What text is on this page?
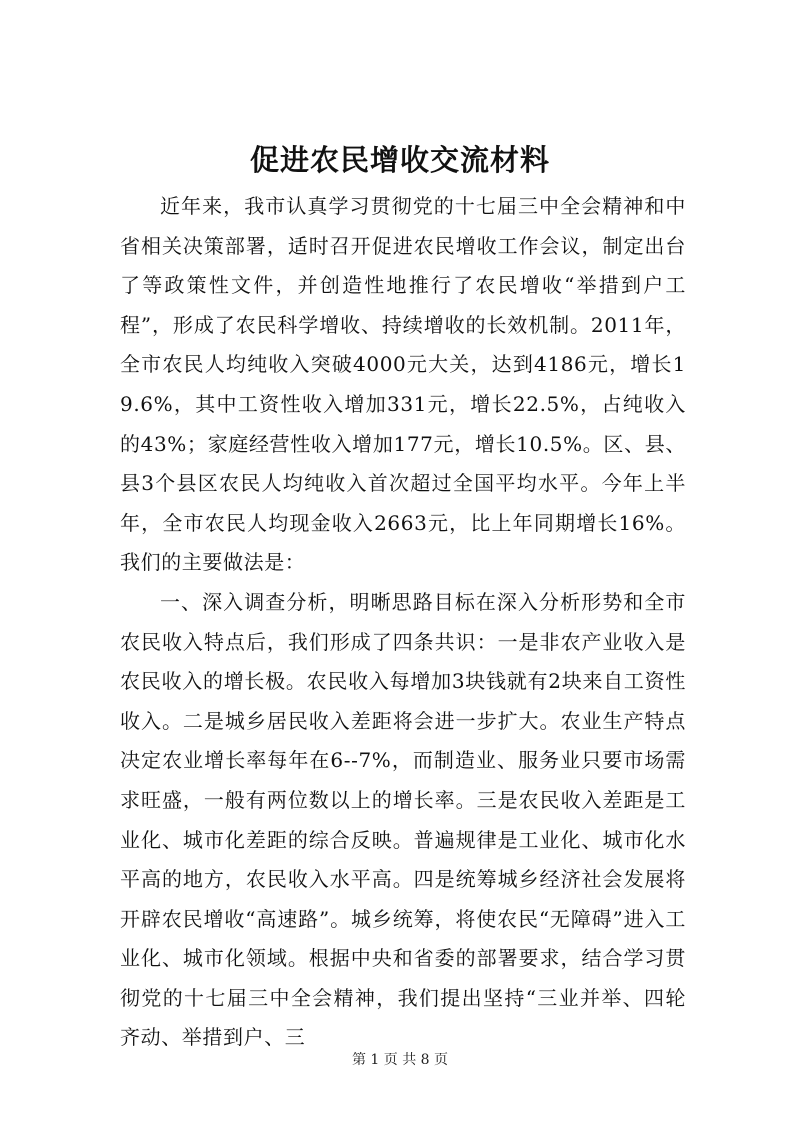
促进农民增收交流材料

近年来，我市认真学习贯彻党的十七届三中全会精神和中省相关决策部署，适时召开促进农民增收工作会议，制定出台了等政策性文件，并创造性地推行了农民增收“举措到户工程”，形成了农民科学增收、持续增收的长效机制。2011年，全市农民人均纯收入突破4000元大关，达到4186元，增长19.6%，其中工资性收入增加331元，增长22.5%，占纯收入的43%；家庭经营性收入增加177元，增长10.5%。区、县、县3个县区农民人均纯收入首次超过全国平均水平。今年上半年，全市农民人均现金收入2663元，比上年同期增长16%。我们的主要做法是：

一、深入调查分析，明晰思路目标在深入分析形势和全市农民收入特点后，我们形成了四条共识：一是非农产业收入是农民收入的增长极。农民收入每增加3块钱就有2块来自工资性收入。二是城乡居民收入差距将会进一步扩大。农业生产特点决定农业增长率每年在6--7%，而制造业、服务业只要市场需求旺盛，一般有两位数以上的增长率。三是农民收入差距是工业化、城市化差距的综合反映。普遍规律是工业化、城市化水平高的地方，农民收入水平高。四是统筹城乡经济社会发展将开辟农民增收“高速路”。城乡统筹，将使农民“无障碍”进入工业化、城市化领域。根据中央和省委的部署要求，结合学习贯彻党的十七届三中全会精神，我们提出坚持“三业并举、四轮齐动、举措到户、三

第 1 页 共 8 页
